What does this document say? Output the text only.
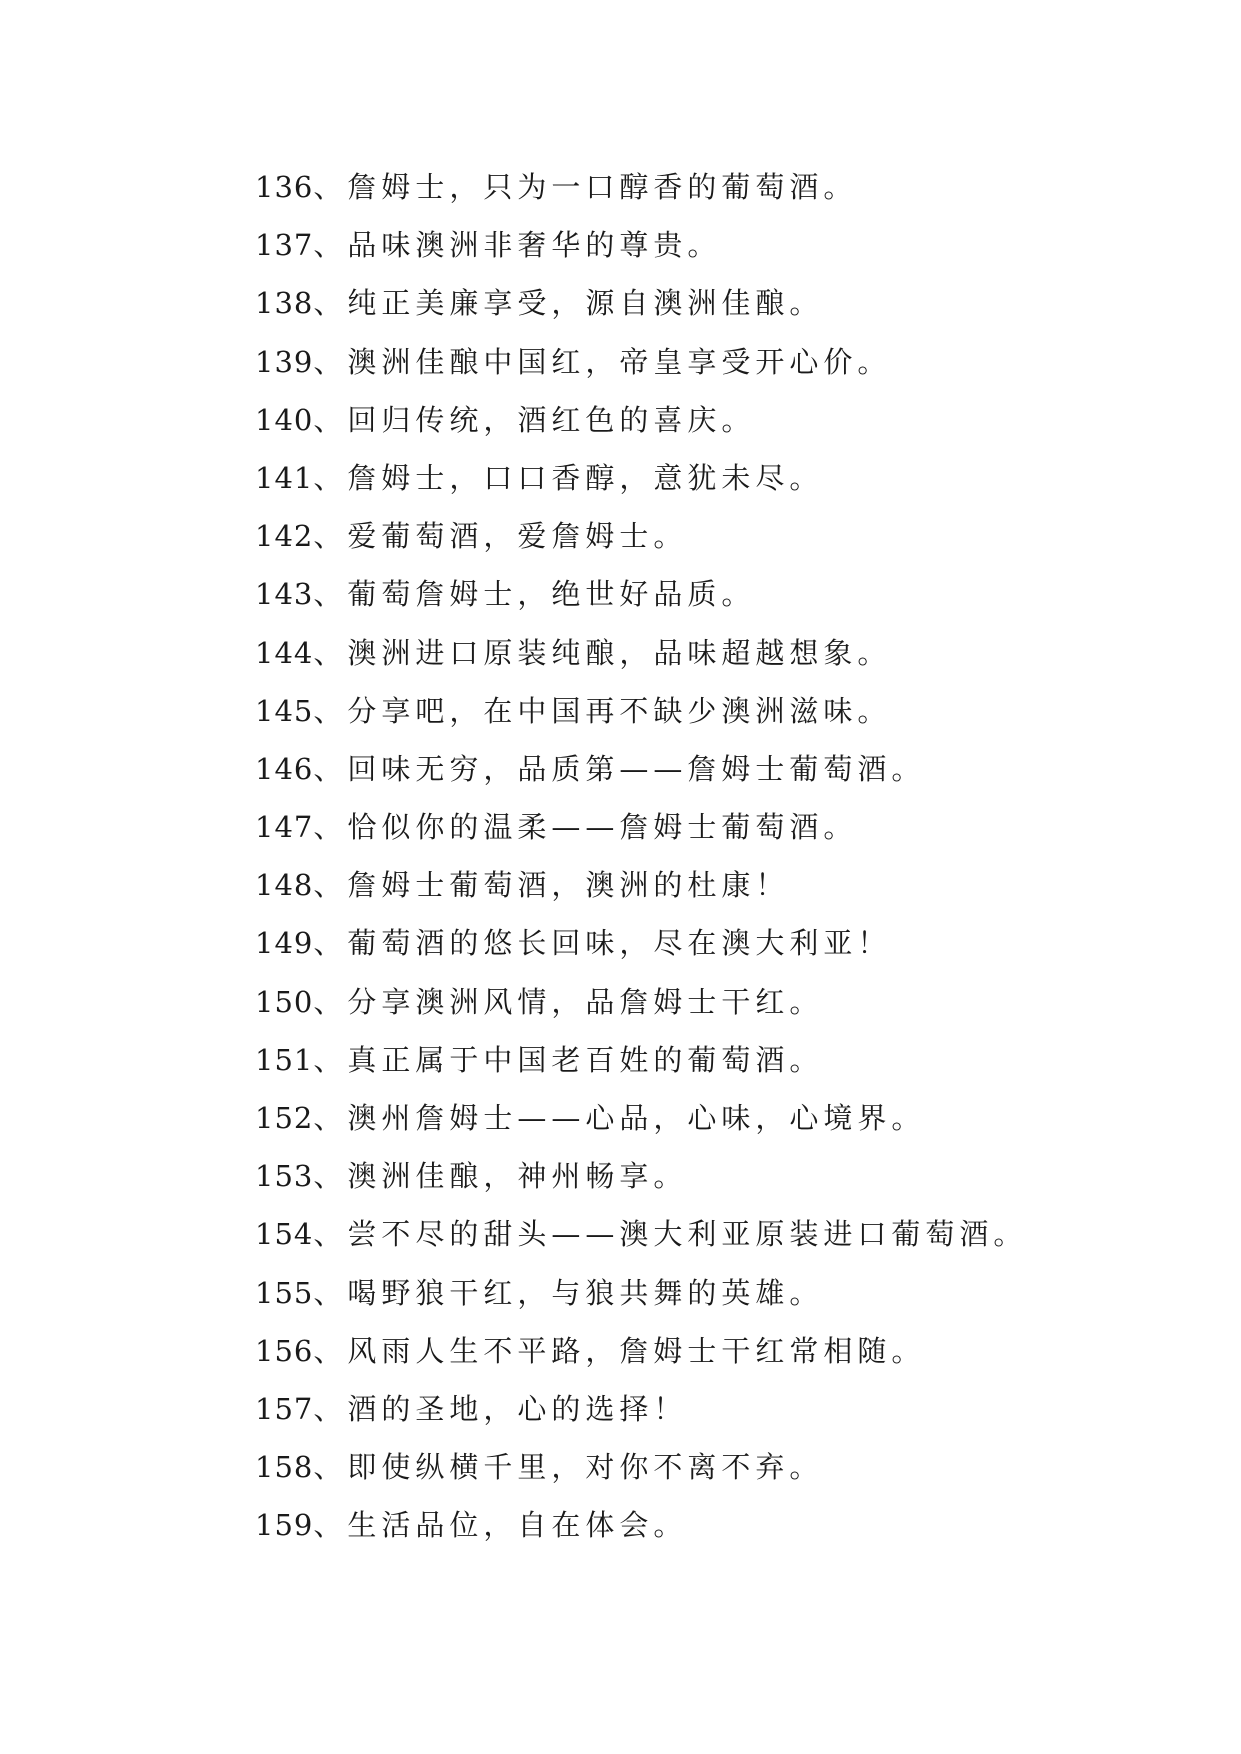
136 、詹姆士，只为一口醇香的葡萄酒。
137 、品味澳洲非奢华的尊贵。
138 、纯正美廉享受，源自澳洲佳酿。
139 、澳洲佳酿中国红，帝皇享受开心价。
140 、回归传统，酒红色的喜庆。
141 、詹姆士，口口香醇，意犹未尽。
142 、爱葡萄酒，爱詹姆士。
143 、葡萄詹姆士，绝世好品质。
144 、澳洲进口原装纯酿，品味超越想象。
145 、分享吧，在中国再不缺少澳洲滋味。
146 、回味无穷，品质第——詹姆士葡萄酒。
147 、恰似你的温柔——詹姆士葡萄酒。
148 、詹姆士葡萄酒，澳洲的杜康！
149 、葡萄酒的悠长回味，尽在澳大利亚！
150 、分享澳洲风情，品詹姆士干红。
151 、真正属于中国老百姓的葡萄酒。
152 、澳州詹姆士——心品，心味，心境界。
153 、澳洲佳酿，神州畅享。
154 、尝不尽的甜头——澳大利亚原装进口葡萄酒。
155 、喝野狼干红，与狼共舞的英雄。
156 、风雨人生不平路，詹姆士干红常相随。
157 、酒的圣地，心的选择！
158 、即使纵横千里，对你不离不弃。
159 、生活品位，自在体会。
